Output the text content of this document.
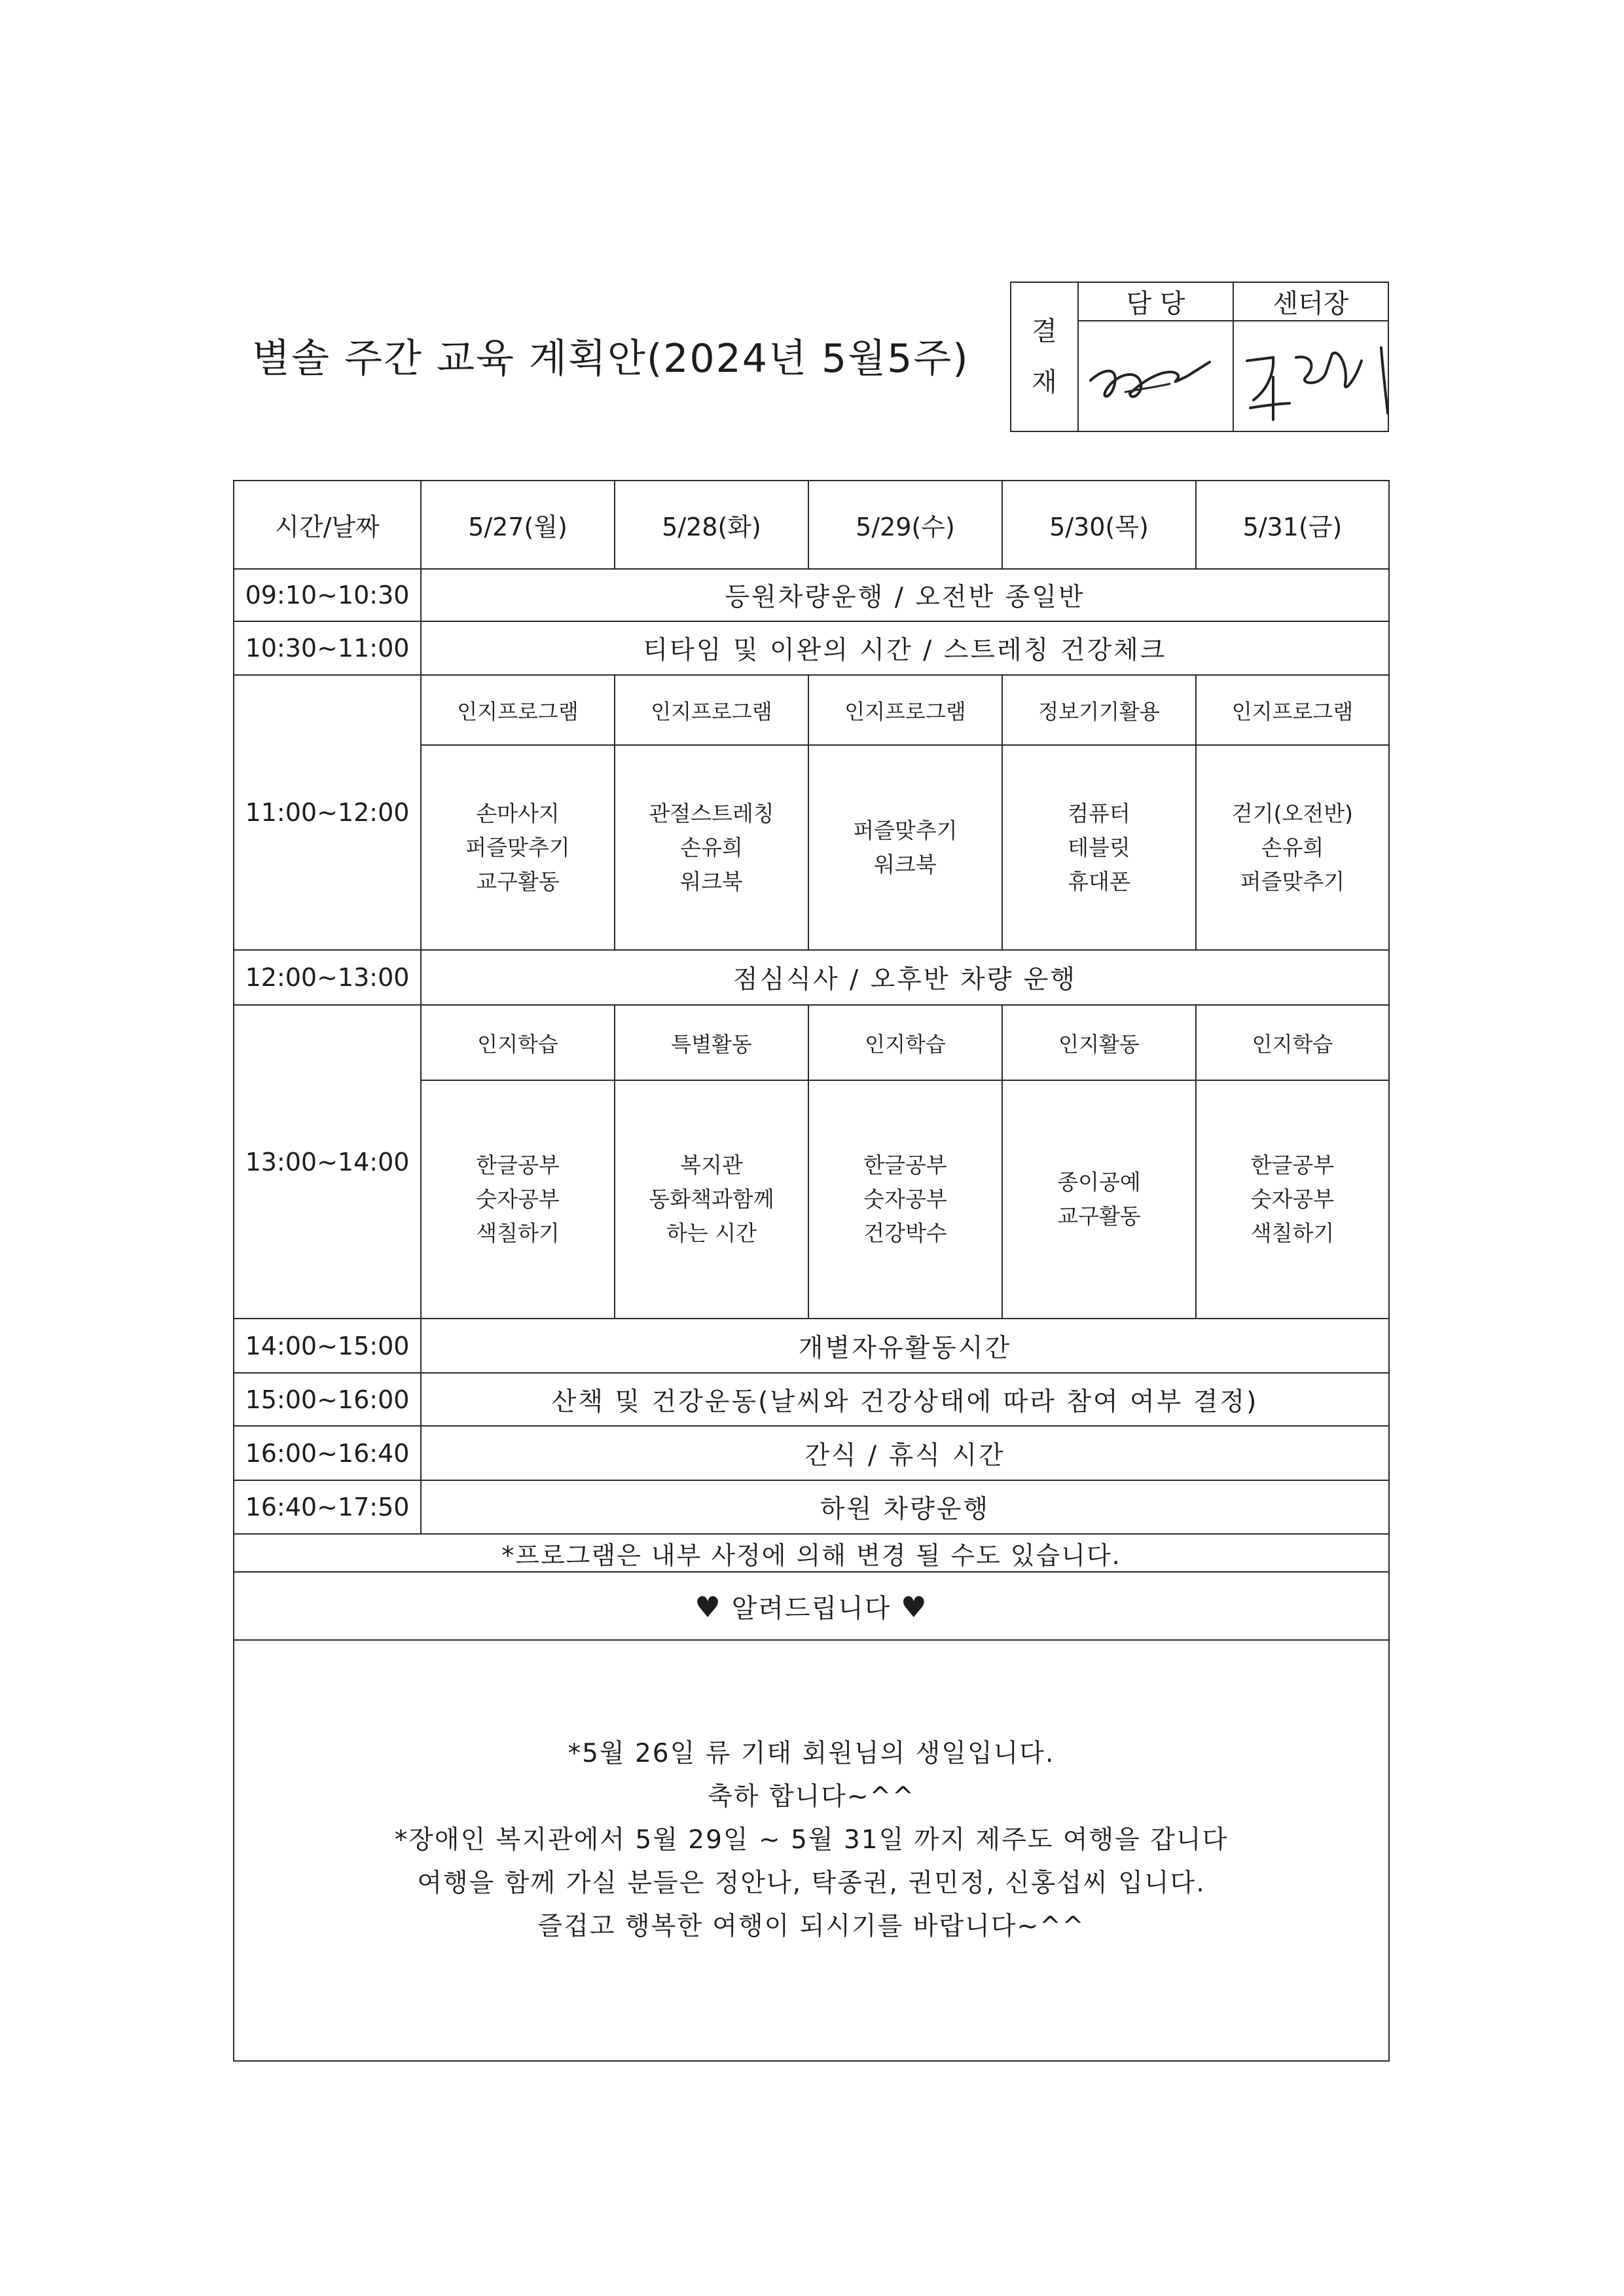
별솔 주간 교육 계획안(2024년 5월5주)
결
재	담 당	센터장

시간/날짜	5/27(월)	5/28(화)	5/29(수)	5/30(목)	5/31(금)
09:10~10:30	등원차량운행 / 오전반 종일반				
10:30~11:00	티타임 및 이완의 시간 / 스트레칭 건강체크				
11:00~12:00	인지프로그램	인지프로그램	인지프로그램	정보기기활용	인지프로그램

	손마사지
퍼즐맞추기
교구활동	관절스트레칭
손유희
워크북	퍼즐맞추기
워크북	컴퓨터
테블릿
휴대폰	걷기(오전반)
손유희
퍼즐맞추기

12:00~13:00	점심식사 / 오후반 차량 운행				
13:00~14:00	인지학습	특별활동	인지학습	인지활동	인지학습

	한글공부
숫자공부
색칠하기	복지관
동화책과함께
하는 시간	한글공부
숫자공부
건강박수	종이공예
교구활동	한글공부
숫자공부
색칠하기

14:00~15:00	개별자유활동시간				
15:00~16:00	산책 및 건강운동(날씨와 건강상태에 따라 참여 여부 결정)				
16:00~16:40	간식 / 휴식 시간				
16:40~17:50	하원 차량운행				
*프로그램은 내부 사정에 의해 변경 될 수도 있습니다.					
♥ 알려드립니다 ♥					

*5월 26일 류 기태 회원님의 생일입니다.
축하 합니다~^^
*장애인 복지관에서 5월 29일 ~ 5월 31일 까지 제주도 여행을 갑니다
여행을 함께 가실 분들은 정안나, 탁종권, 권민정, 신홍섭씨 입니다.
즐겁고 행복한 여행이 되시기를 바랍니다~^^					
